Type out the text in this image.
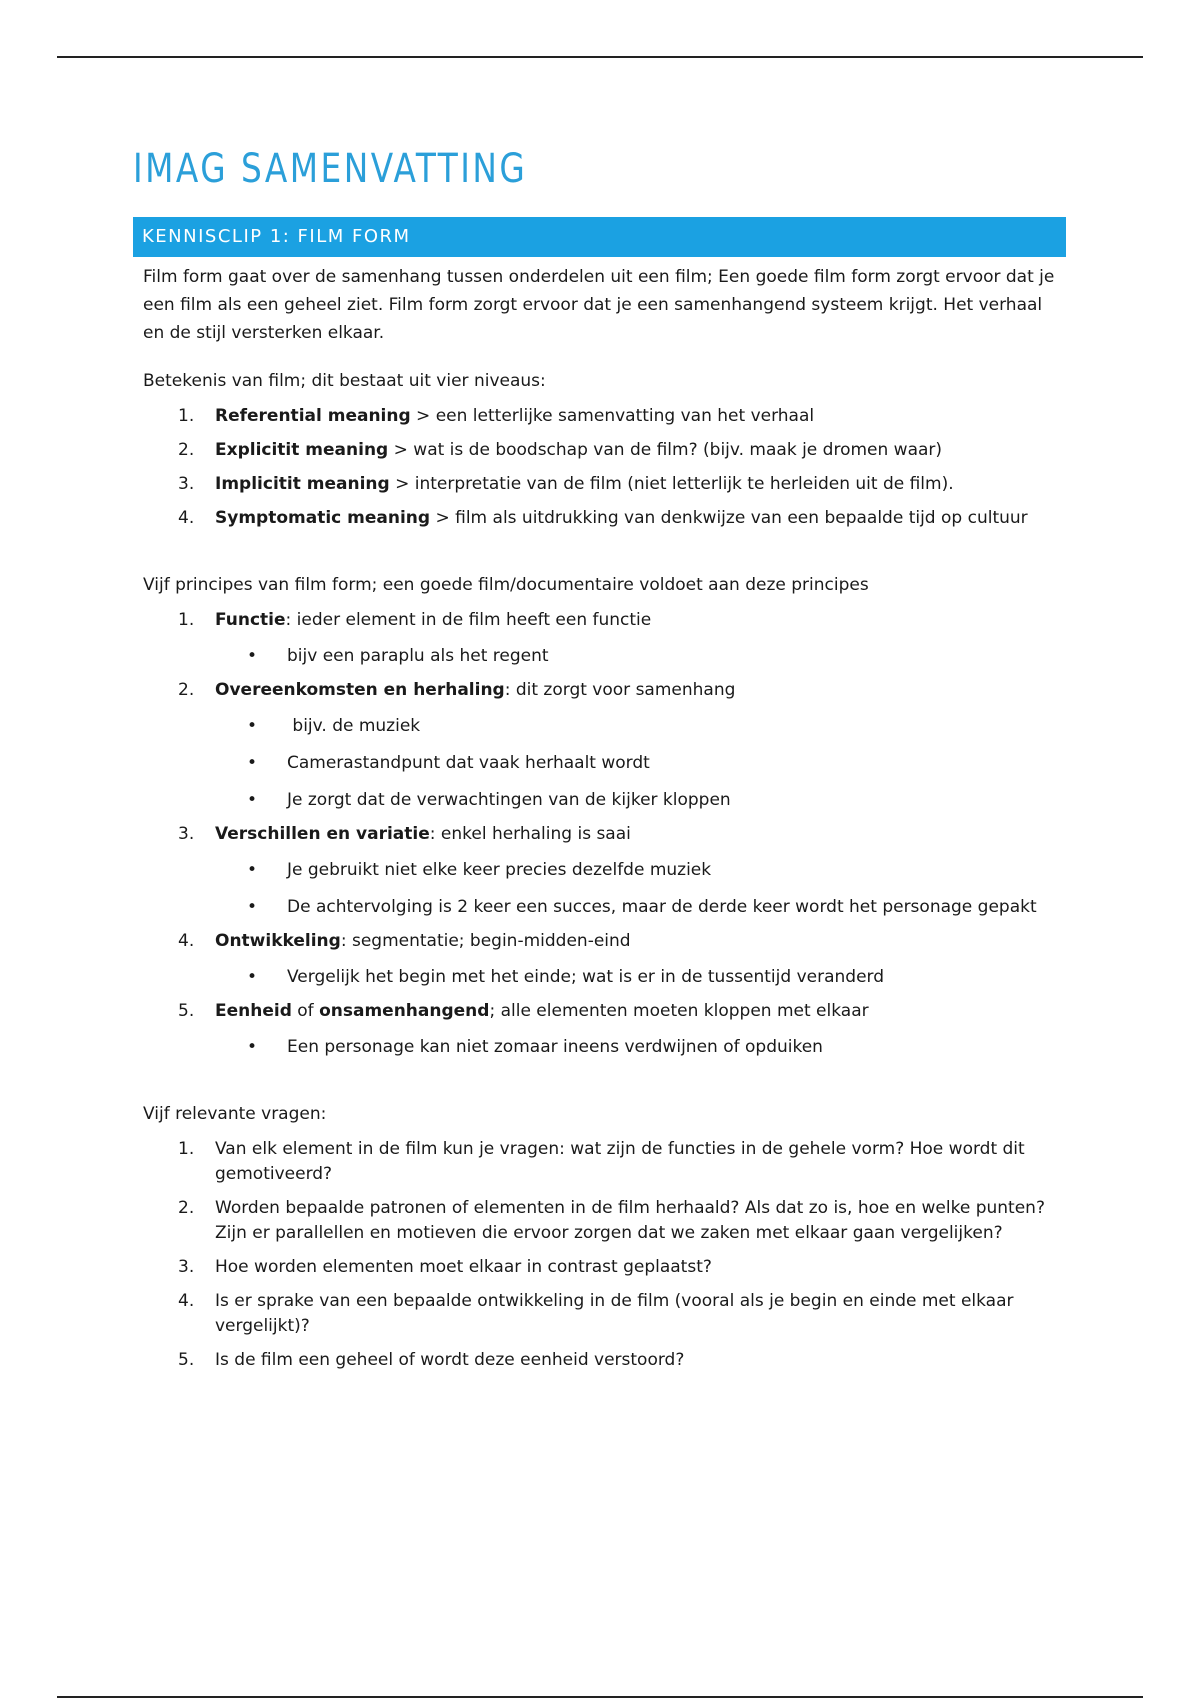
IMAG SAMENVATTING
KENNISCLIP 1: FILM FORM

Film form gaat over de samenhang tussen onderdelen uit een film; Een goede film form zorgt ervoor dat je een film als een geheel ziet. Film form zorgt ervoor dat je een samenhangend systeem krijgt. Het verhaal en de stijl versterken elkaar.

Betekenis van film; dit bestaat uit vier niveaus:

1. Referential meaning > een letterlijke samenvatting van het verhaal
2. Explicitit meaning > wat is de boodschap van de film? (bijv. maak je dromen waar)
3. Implicitit meaning > interpretatie van de film (niet letterlijk te herleiden uit de film).
4. Symptomatic meaning > film als uitdrukking van denkwijze van een bepaalde tijd op cultuur

Vijf principes van film form; een goede film/documentaire voldoet aan deze principes

1. Functie: ieder element in de film heeft een functie
• bijv een paraplu als het regent
2. Overeenkomsten en herhaling: dit zorgt voor samenhang
• bijv. de muziek
• Camerastandpunt dat vaak herhaalt wordt
• Je zorgt dat de verwachtingen van de kijker kloppen
3. Verschillen en variatie: enkel herhaling is saai
• Je gebruikt niet elke keer precies dezelfde muziek
• De achtervolging is 2 keer een succes, maar de derde keer wordt het personage gepakt
4. Ontwikkeling: segmentatie; begin-midden-eind
• Vergelijk het begin met het einde; wat is er in de tussentijd veranderd
5. Eenheid of onsamenhangend; alle elementen moeten kloppen met elkaar
• Een personage kan niet zomaar ineens verdwijnen of opduiken

Vijf relevante vragen:

1. Van elk element in de film kun je vragen: wat zijn de functies in de gehele vorm? Hoe wordt dit gemotiveerd?
2. Worden bepaalde patronen of elementen in de film herhaald? Als dat zo is, hoe en welke punten? Zijn er parallellen en motieven die ervoor zorgen dat we zaken met elkaar gaan vergelijken?
3. Hoe worden elementen moet elkaar in contrast geplaatst?
4. Is er sprake van een bepaalde ontwikkeling in de film (vooral als je begin en einde met elkaar vergelijkt)?
5. Is de film een geheel of wordt deze eenheid verstoord?
